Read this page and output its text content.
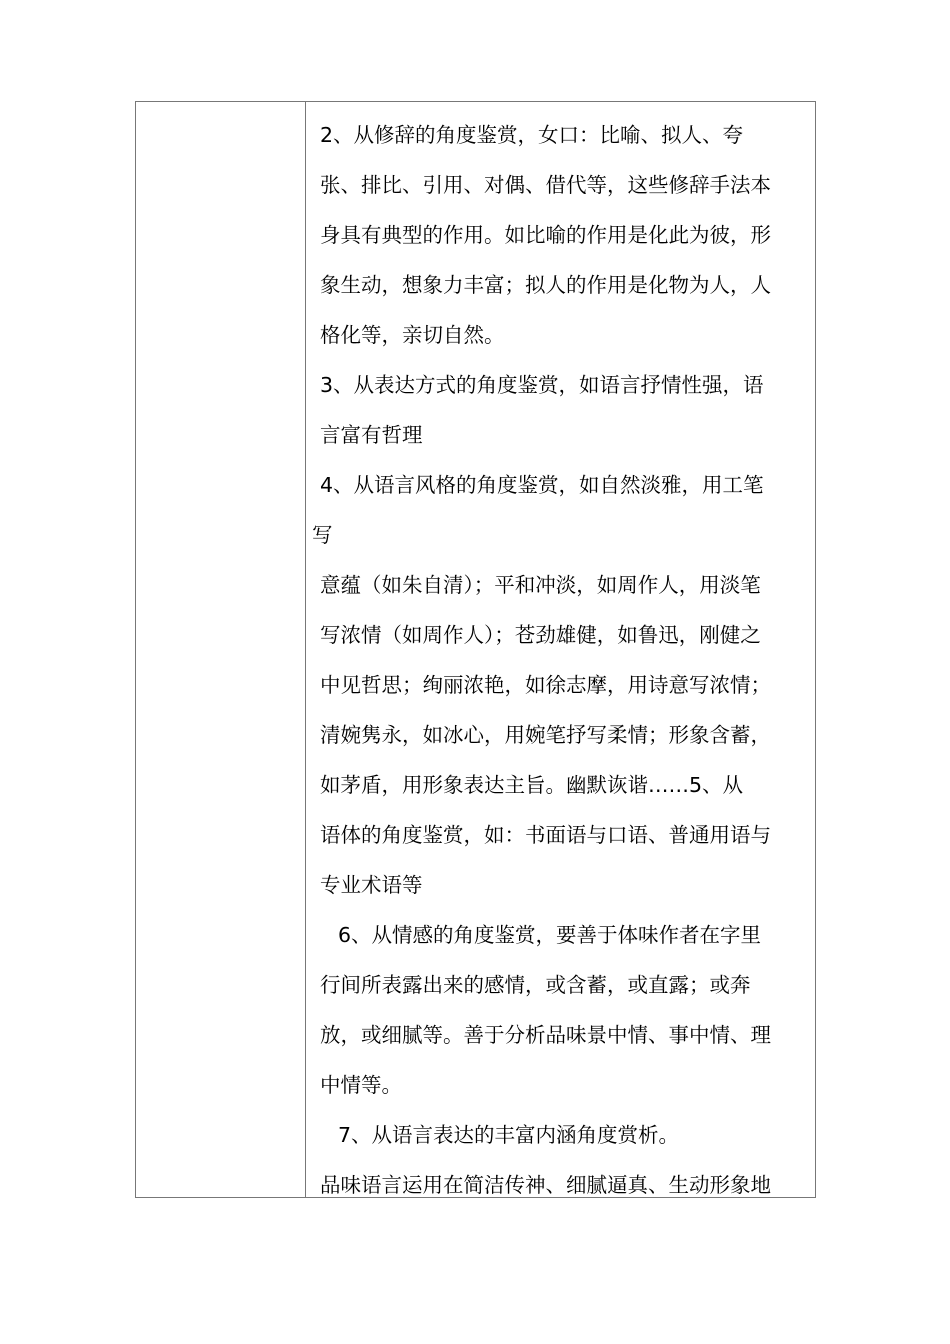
2、从修辞的角度鉴赏，女口：比喻、拟人、夸
张、排比、引用、对偶、借代等，这些修辞手法本
身具有典型的作用。如比喻的作用是化此为彼，形
象生动，想象力丰富；拟人的作用是化物为人，人
格化等，亲切自然。
3、从表达方式的角度鉴赏，如语言抒情性强，语
言富有哲理
4、从语言风格的角度鉴赏，如自然淡雅，用工笔
写
意蕴（如朱自清）；平和冲淡，如周作人，用淡笔
写浓情（如周作人）；苍劲雄健，如鲁迅，刚健之
中见哲思；绚丽浓艳，如徐志摩，用诗意写浓情；
清婉隽永，如冰心，用婉笔抒写柔情；形象含蓄，
如茅盾，用形象表达主旨。幽默诙谐……5、从
语体的角度鉴赏，如：书面语与口语、普通用语与
专业术语等
6、从情感的角度鉴赏，要善于体味作者在字里
行间所表露出来的感情，或含蓄，或直露；或奔
放，或细腻等。善于分析品味景中情、事中情、理
中情等。
7、从语言表达的丰富内涵角度赏析。
品味语言运用在简洁传神、细腻逼真、生动形象地
